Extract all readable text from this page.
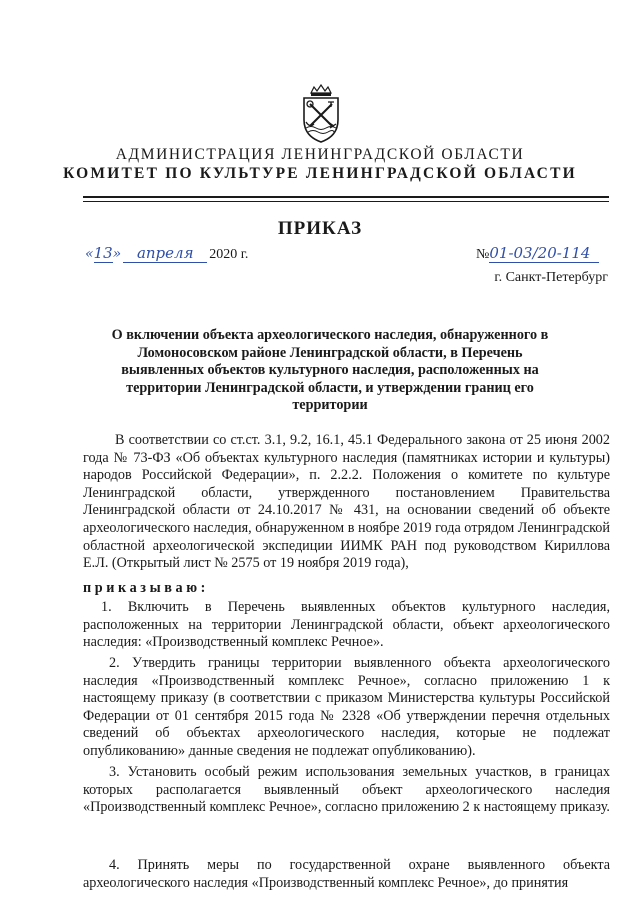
АДМИНИСТРАЦИЯ ЛЕНИНГРАДСКОЙ ОБЛАСТИ
КОМИТЕТ ПО КУЛЬТУРЕ ЛЕНИНГРАДСКОЙ ОБЛАСТИ
ПРИКАЗ
«13» апреля 2020 г.	№01-03/20-114
г. Санкт-Петербург
О включении объекта археологического наследия, обнаруженного в Ломоносовском районе Ленинградской области, в Перечень выявленных объектов культурного наследия, расположенных на территории Ленинградской области, и утверждении границ его территории
В соответствии со ст.ст. 3.1, 9.2, 16.1, 45.1 Федерального закона от 25 июня 2002 года № 73-ФЗ «Об объектах культурного наследия (памятниках истории и культуры) народов Российской Федерации», п. 2.2.2. Положения о комитете по культуре Ленинградской области, утвержденного постановлением Правительства Ленинградской области от 24.10.2017 № 431, на основании сведений об объекте археологического наследия, обнаруженном в ноябре 2019 года отрядом Ленинградской областной археологической экспедиции ИИМК РАН под руководством Кириллова Е.Л. (Открытый лист № 2575 от 19 ноября 2019 года),
приказываю:
1. Включить в Перечень выявленных объектов культурного наследия, расположенных на территории Ленинградской области, объект археологического наследия: «Производственный комплекс Речное».
2. Утвердить границы территории выявленного объекта археологического наследия «Производственный комплекс Речное», согласно приложению 1 к настоящему приказу (в соответствии с приказом Министерства культуры Российской Федерации от 01 сентября 2015 года № 2328 «Об утверждении перечня отдельных сведений об объектах археологического наследия, которые не подлежат опубликованию» данные сведения не подлежат опубликованию).
3. Установить особый режим использования земельных участков, в границах которых располагается выявленный объект археологического наследия «Производственный комплекс Речное», согласно приложению 2 к настоящему приказу.
4. Принять меры по государственной охране выявленного объекта археологического наследия «Производственный комплекс Речное», до принятия
